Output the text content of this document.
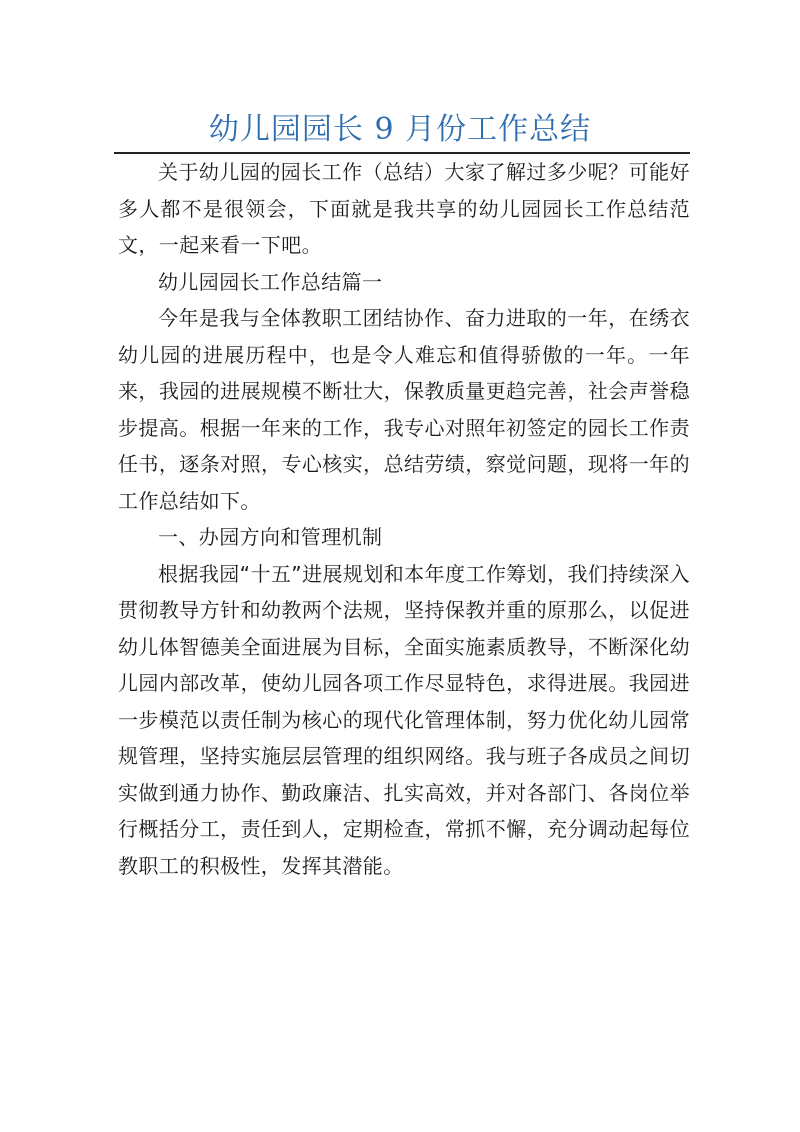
幼儿园园长 9 月份工作总结

关于幼儿园的园长工作（总结）大家了解过多少呢？可能好多人都不是很领会，下面就是我共享的幼儿园园长工作总结范文，一起来看一下吧。

幼儿园园长工作总结篇一

今年是我与全体教职工团结协作、奋力进取的一年，在绣衣幼儿园的进展历程中，也是令人难忘和值得骄傲的一年。一年来，我园的进展规模不断壮大，保教质量更趋完善，社会声誉稳步提高。根据一年来的工作，我专心对照年初签定的园长工作责任书，逐条对照，专心核实，总结劳绩，察觉问题，现将一年的工作总结如下。

一、办园方向和管理机制

根据我园“十五”进展规划和本年度工作筹划，我们持续深入贯彻教导方针和幼教两个法规，坚持保教并重的原那么，以促进幼儿体智德美全面进展为目标，全面实施素质教导，不断深化幼儿园内部改革，使幼儿园各项工作尽显特色，求得进展。我园进一步模范以责任制为核心的现代化管理体制，努力优化幼儿园常规管理，坚持实施层层管理的组织网络。我与班子各成员之间切实做到通力协作、勤政廉洁、扎实高效，并对各部门、各岗位举行概括分工，责任到人，定期检查，常抓不懈，充分调动起每位教职工的积极性，发挥其潜能。
